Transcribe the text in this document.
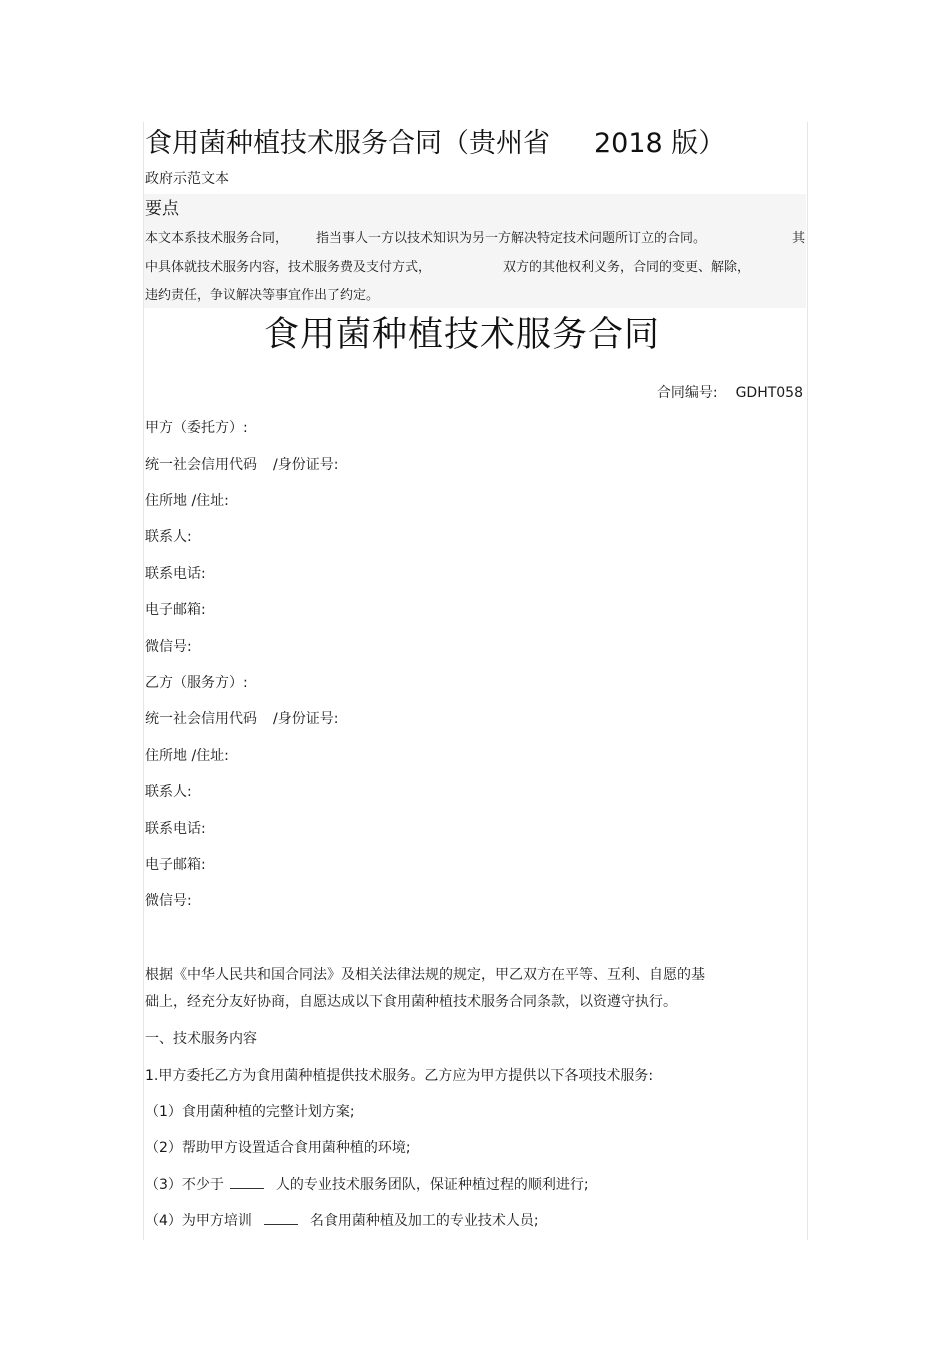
食用菌种植技术服务合同（贵州省 2018 版）
政府示范文本
要点
本文本系技术服务合同， 指当事人一方以技术知识为另一方解决特定技术问题所订立的合同。	其
中具体就技术服务内容，技术服务费及支付方式，	双方的其他权利义务，合同的变更、解除，
违约责任，争议解决等事宜作出了约定。
食用菌种植技术服务合同
合同编号: GDHT058
甲方（委托方）:
统一社会信用代码 /身份证号:
住所地 /住址:
联系人:
联系电话:
电子邮箱:
微信号:
乙方（服务方）:
统一社会信用代码 /身份证号:
住所地 /住址:
联系人:
联系电话:
电子邮箱:
微信号:
根据《中华人民共和国合同法》及相关法律法规的规定，甲乙双方在平等、互利、自愿的基
础上，经充分友好协商，自愿达成以下食用菌种植技术服务合同条款，以资遵守执行。
一、技术服务内容
1.甲方委托乙方为食用菌种植提供技术服务。乙方应为甲方提供以下各项技术服务:
（1）食用菌种植的完整计划方案;
（2）帮助甲方设置适合食用菌种植的环境;
（3）不少于	人的专业技术服务团队，保证种植过程的顺利进行;
（4）为甲方培训	名食用菌种植及加工的专业技术人员;
